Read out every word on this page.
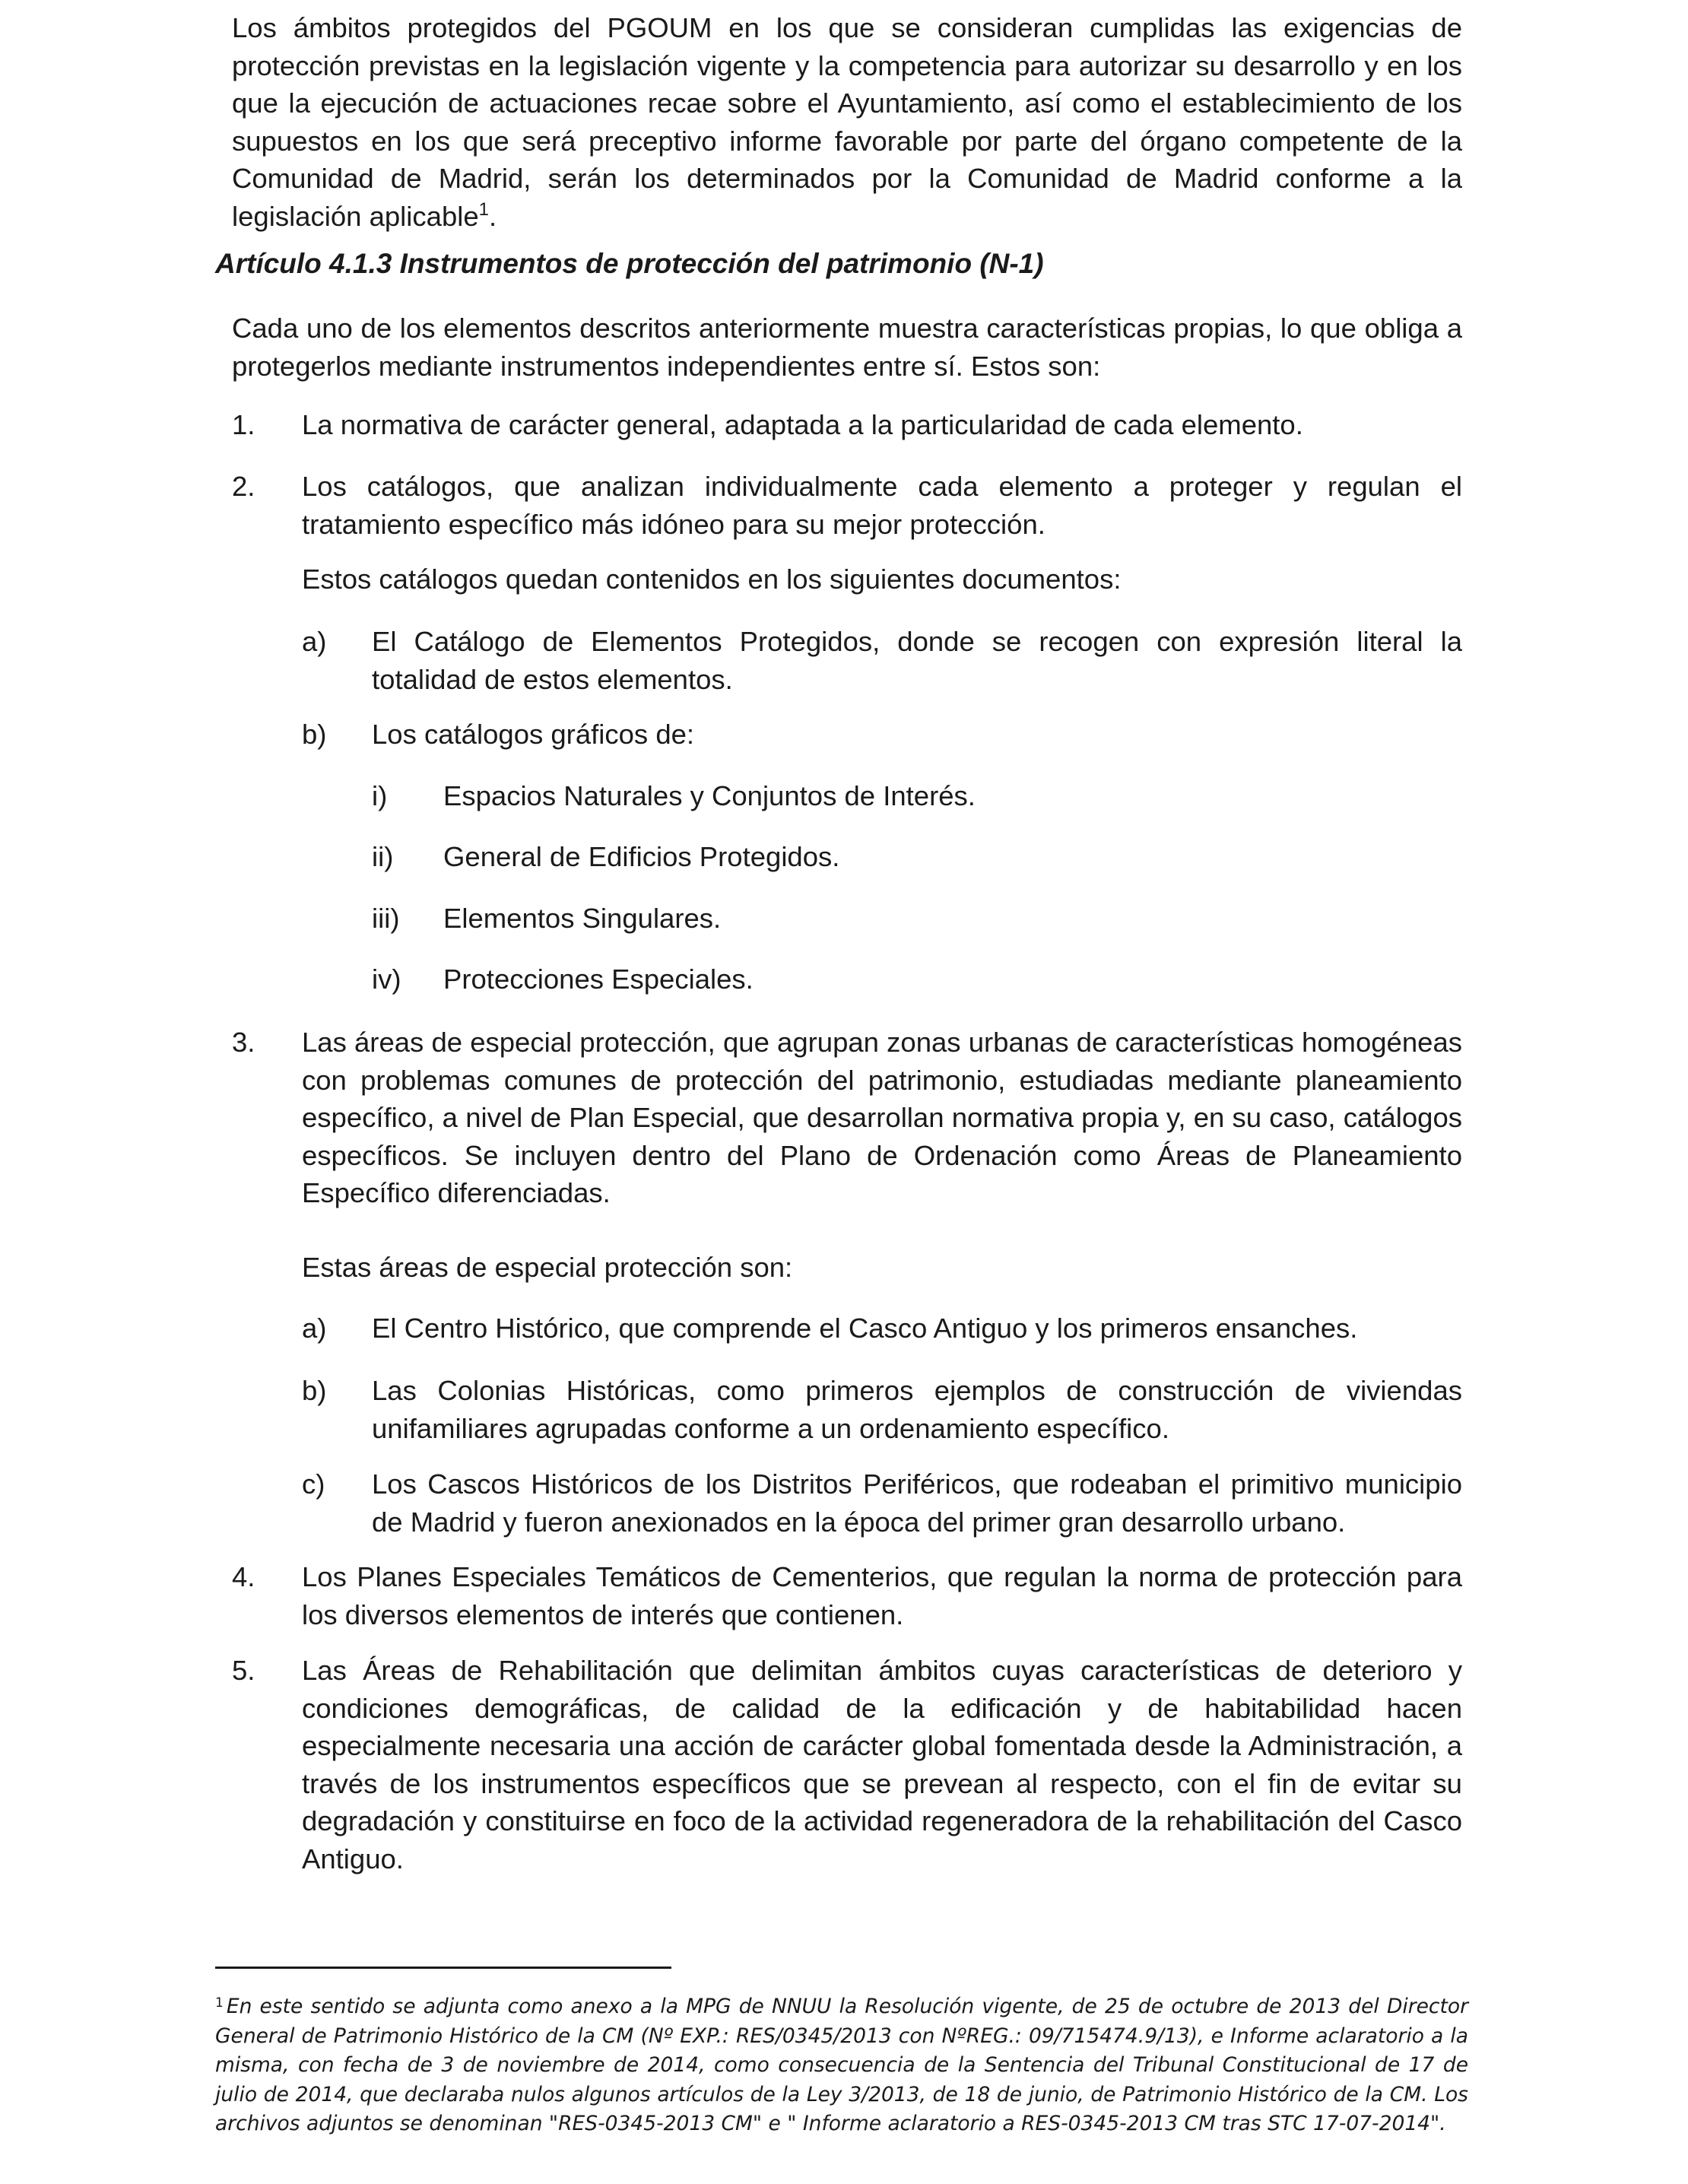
Los ámbitos protegidos del PGOUM en los que se consideran cumplidas las exigencias de protección previstas en la legislación vigente y la competencia para autorizar su desarrollo y en los que la ejecución de actuaciones recae sobre el Ayuntamiento, así como el establecimiento de los supuestos en los que será preceptivo informe favorable por parte del órgano competente de la Comunidad de Madrid, serán los determinados por la Comunidad de Madrid conforme a la legislación aplicable$^1$.

Artículo 4.1.3 Instrumentos de protección del patrimonio (N-1)

Cada uno de los elementos descritos anteriormente muestra características propias, lo que obliga a protegerlos mediante instrumentos independientes entre sí. Estos son:

1. La normativa de carácter general, adaptada a la particularidad de cada elemento.

2. Los catálogos, que analizan individualmente cada elemento a proteger y regulan el tratamiento específico más idóneo para su mejor protección.

Estos catálogos quedan contenidos en los siguientes documentos:

a) El Catálogo de Elementos Protegidos, donde se recogen con expresión literal la totalidad de estos elementos.

b) Los catálogos gráficos de:

i) Espacios Naturales y Conjuntos de Interés.

ii) General de Edificios Protegidos.

iii) Elementos Singulares.

iv) Protecciones Especiales.

3. Las áreas de especial protección, que agrupan zonas urbanas de características homogéneas con problemas comunes de protección del patrimonio, estudiadas mediante planeamiento específico, a nivel de Plan Especial, que desarrollan normativa propia y, en su caso, catálogos específicos. Se incluyen dentro del Plano de Ordenación como Áreas de Planeamiento Específico diferenciadas.

Estas áreas de especial protección son:

a) El Centro Histórico, que comprende el Casco Antiguo y los primeros ensanches.

b) Las Colonias Históricas, como primeros ejemplos de construcción de viviendas unifamiliares agrupadas conforme a un ordenamiento específico.

c) Los Cascos Históricos de los Distritos Periféricos, que rodeaban el primitivo municipio de Madrid y fueron anexionados en la época del primer gran desarrollo urbano.

4. Los Planes Especiales Temáticos de Cementerios, que regulan la norma de protección para los diversos elementos de interés que contienen.

5. Las Áreas de Rehabilitación que delimitan ámbitos cuyas características de deterioro y condiciones demográficas, de calidad de la edificación y de habitabilidad hacen especialmente necesaria una acción de carácter global fomentada desde la Administración, a través de los instrumentos específicos que se prevean al respecto, con el fin de evitar su degradación y constituirse en foco de la actividad regeneradora de la rehabilitación del Casco Antiguo.

$^1$ En este sentido se adjunta como anexo a la MPG de NNUU la Resolución vigente, de 25 de octubre de 2013 del Director General de Patrimonio Histórico de la CM (Nº EXP.: RES/0345/2013 con NºREG.: 09/715474.9/13), e Informe aclaratorio a la misma, con fecha de 3 de noviembre de 2014, como consecuencia de la Sentencia del Tribunal Constitucional de 17 de julio de 2014, que declaraba nulos algunos artículos de la Ley 3/2013, de 18 de junio, de Patrimonio Histórico de la CM. Los archivos adjuntos se denominan "RES-0345-2013 CM" e " Informe aclaratorio a RES-0345-2013 CM tras STC 17-07-2014".
